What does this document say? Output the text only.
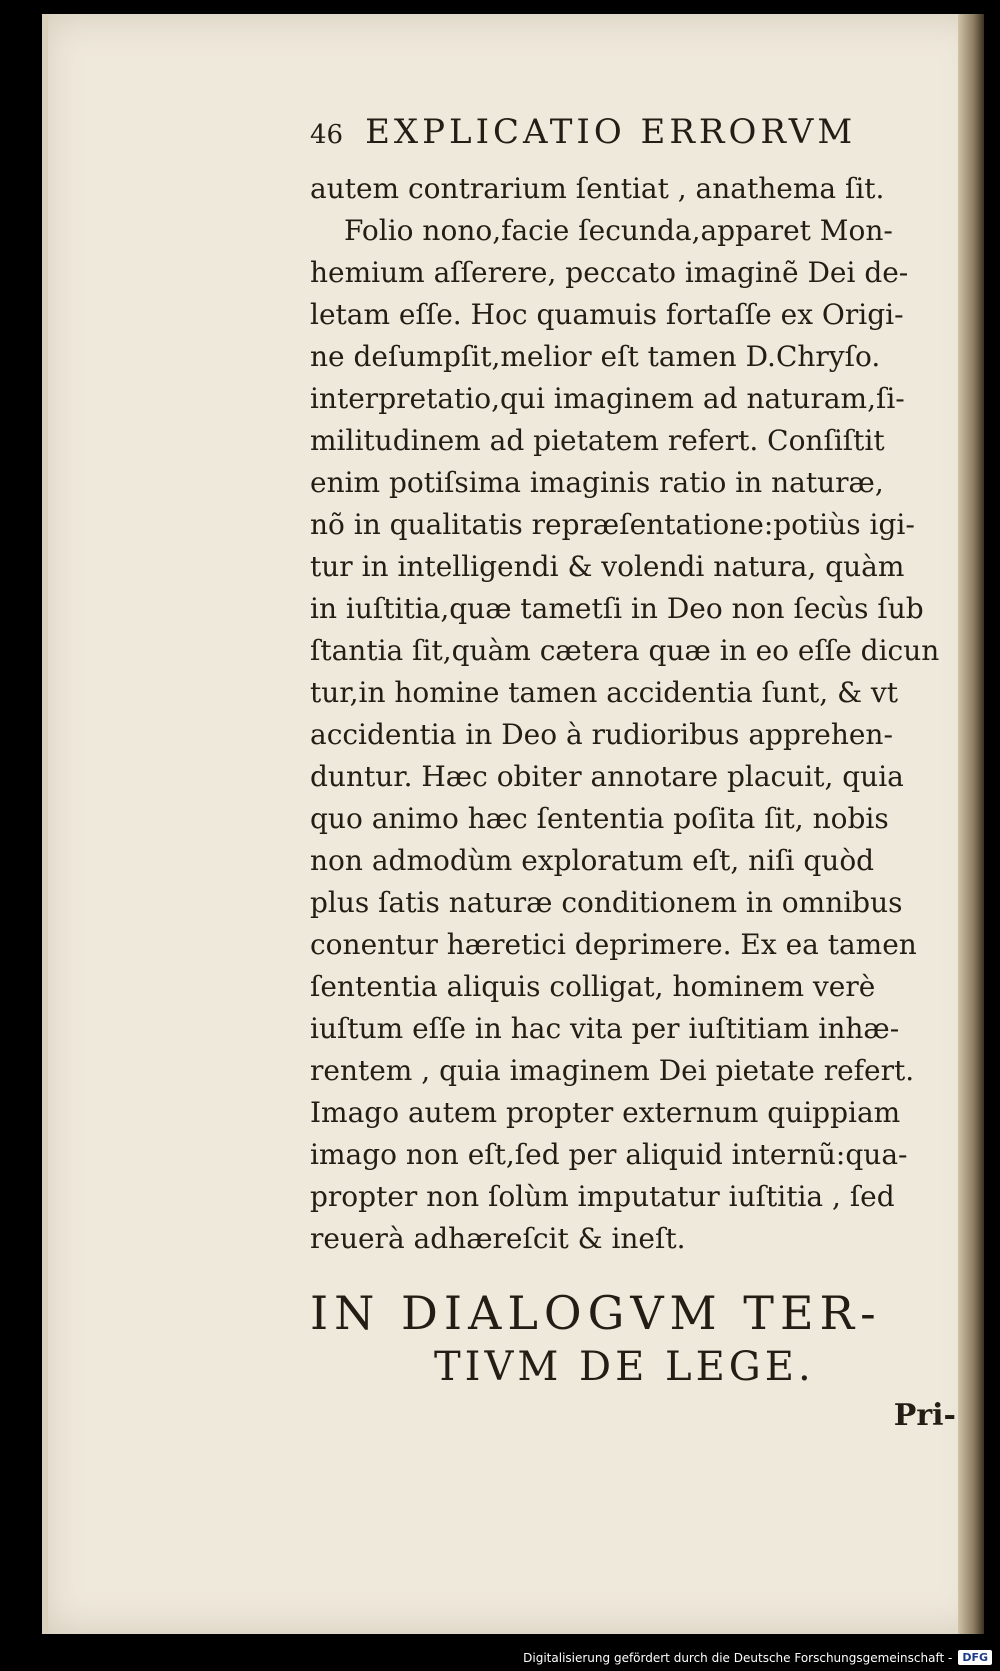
46 EXPLICATIO ERRORVM
autem contrarium ſentiat , anathema ſit.
Folio nono,facie ſecunda,apparet Mon-
hemium aſſerere, peccato imaginẽ Dei de-
letam eſſe. Hoc quamuis fortaſſe ex Origi-
ne deſumpſit,melior eſt tamen D.Chryſo.
interpretatio,qui imaginem ad naturam,ſi-
militudinem ad pietatem refert. Conſiſtit
enim potiſsima imaginis ratio in naturæ,
nõ in qualitatis repræſentatione:potiùs igi-
tur in intelligendi & volendi natura, quàm
in iuſtitia,quæ tametſi in Deo non ſecùs ſub
ſtantia ſit,quàm cætera quæ in eo eſſe dicun
tur,in homine tamen accidentia ſunt, & vt
accidentia in Deo à rudioribus apprehen-
duntur. Hæc obiter annotare placuit, quia
quo animo hæc ſententia poſita ſit, nobis
non admodùm exploratum eſt, niſi quòd
plus ſatis naturæ conditionem in omnibus
conentur hæretici deprimere. Ex ea tamen
ſententia aliquis colligat, hominem verè
iuſtum eſſe in hac vita per iuſtitiam inhæ-
rentem , quia imaginem Dei pietate refert.
Imago autem propter externum quippiam
imago non eſt,ſed per aliquid internũ:qua-
propter non ſolùm imputatur iuſtitia , ſed
reuerà adhæreſcit & ineſt.
IN DIALOGVM TER-
TIVM DE LEGE.
Pri-
Digitalisierung gefördert durch die Deutsche Forschungsgemeinschaft - DFG
